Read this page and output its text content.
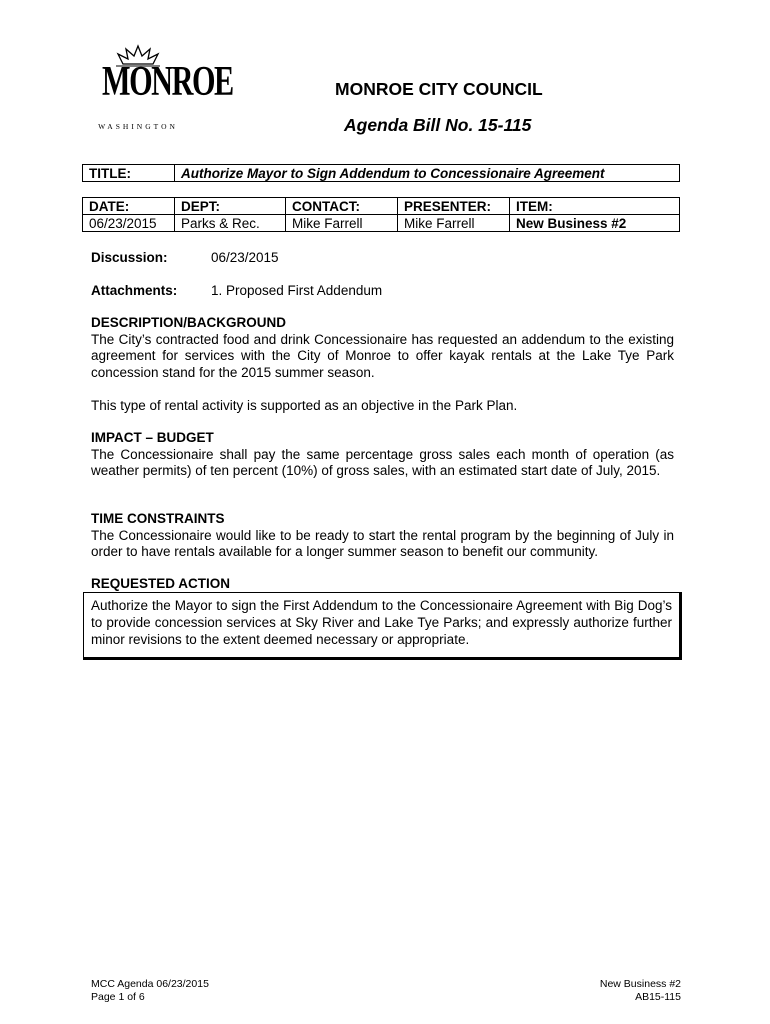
MONROE
WASHINGTON
MONROE CITY COUNCIL
Agenda Bill No. 15-115
TITLE:	Authorize Mayor to Sign Addendum to Concessionaire Agreement
DATE:	DEPT:	CONTACT:	PRESENTER:	ITEM:
06/23/2015	Parks & Rec.	Mike Farrell	Mike Farrell	New Business #2
Discussion:	06/23/2015
Attachments: 1. Proposed First Addendum
DESCRIPTION/BACKGROUND

The City’s contracted food and drink Concessionaire has requested an addendum to the existing agreement for services with the City of Monroe to offer kayak rentals at the Lake Tye Park concession stand for the 2015 summer season.

This type of rental activity is supported as an objective in the Park Plan.

IMPACT – BUDGET

The Concessionaire shall pay the same percentage gross sales each month of operation (as weather permits) of ten percent (10%) of gross sales, with an estimated start date of July, 2015.

TIME CONSTRAINTS

The Concessionaire would like to be ready to start the rental program by the beginning of July in order to have rentals available for a longer summer season to benefit our community.

REQUESTED ACTION
Authorize the Mayor to sign the First Addendum to the Concessionaire Agreement with Big Dog’s to provide concession services at Sky River and Lake Tye Parks; and expressly authorize further minor revisions to the extent deemed necessary or appropriate.
MCC Agenda 06/23/2015
Page 1 of 6
New Business #2
AB15-115
